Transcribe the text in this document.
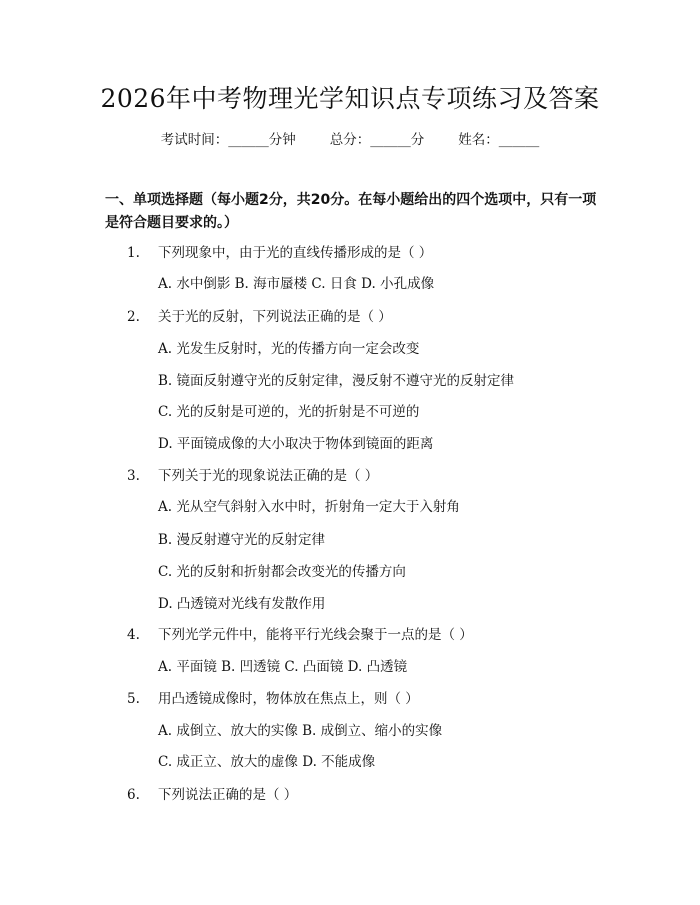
2026年中考物理光学知识点专项练习及答案
考试时间：______分钟	总分：______分	姓名：______
一、单项选择题（每小题2分，共20分。在每小题给出的四个选项中，只有一项是符合题目要求的。）
1. 下列现象中，由于光的直线传播形成的是（ ）
A. 水中倒影 B. 海市蜃楼 C. 日食 D. 小孔成像
2. 关于光的反射，下列说法正确的是（ ）
A. 光发生反射时，光的传播方向一定会改变
B. 镜面反射遵守光的反射定律，漫反射不遵守光的反射定律
C. 光的反射是可逆的，光的折射是不可逆的
D. 平面镜成像的大小取决于物体到镜面的距离
3. 下列关于光的现象说法正确的是（ ）
A. 光从空气斜射入水中时，折射角一定大于入射角
B. 漫反射遵守光的反射定律
C. 光的反射和折射都会改变光的传播方向
D. 凸透镜对光线有发散作用
4. 下列光学元件中，能将平行光线会聚于一点的是（ ）
A. 平面镜 B. 凹透镜 C. 凸面镜 D. 凸透镜
5. 用凸透镜成像时，物体放在焦点上，则（ ）
A. 成倒立、放大的实像 B. 成倒立、缩小的实像
C. 成正立、放大的虚像 D. 不能成像
6. 下列说法正确的是（ ）
